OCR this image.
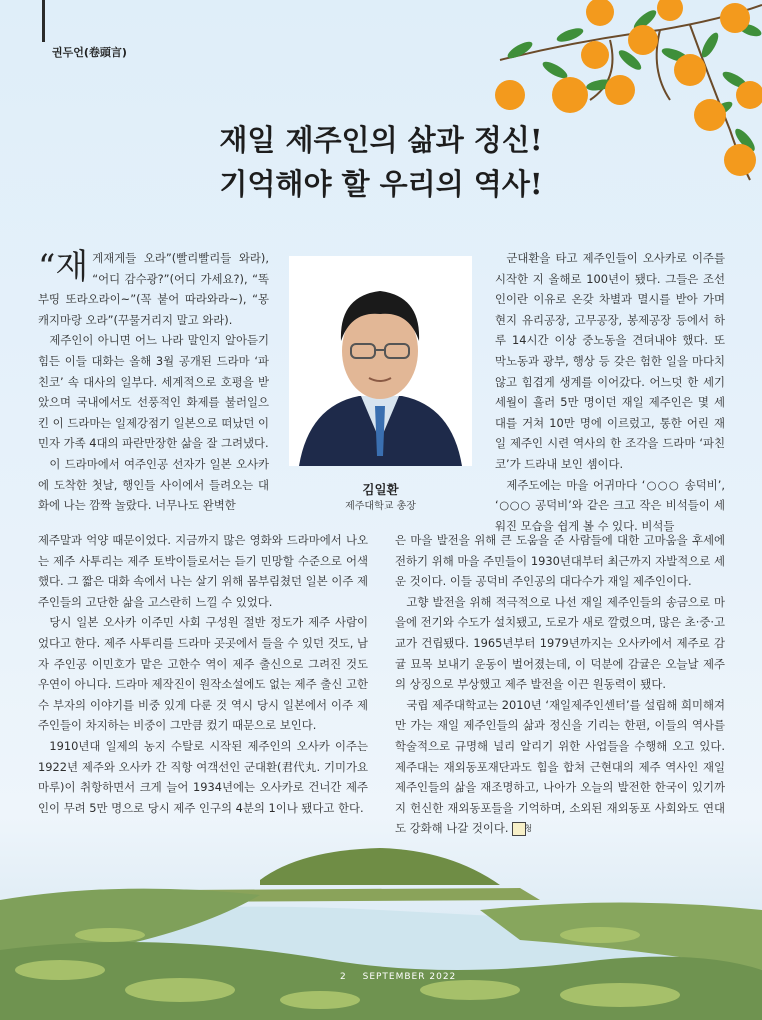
권두언(卷頭言)
재일 제주인의 삶과 정신!
기억해야 할 우리의 역사!
“재 게재게들 오라”(빨리빨리들 와라), “어디 감수광?”(어디 가세요?), “똑부띵 또라오라이~”(꼭 붙어 따라와라~), “몽캐지마랑 오라”(꾸물거리지 말고 와라).

제주인이 아니면 어느 나라 말인지 알아듣기 힘든 이들 대화는 올해 3월 공개된 드라마 ‘파친코’ 속 대사의 일부다. 세계적으로 호평을 받았으며 국내에서도 선풍적인 화제를 불러일으킨 이 드라마는 일제강점기 일본으로 떠났던 이민자 가족 4대의 파란만장한 삶을 잘 그려냈다.

이 드라마에서 여주인공 선자가 일본 오사카에 도착한 첫날, 행인들 사이에서 들려오는 대화에 나는 깜짝 놀랐다. 너무나도 완벽한

제주말과 억양 때문이었다. 지금까지 많은 영화와 드라마에서 나오는 제주 사투리는 제주 토박이들로서는 듣기 민망할 수준으로 어색했다. 그 짧은 대화 속에서 나는 살기 위해 몸부림쳤던 일본 이주 제주인들의 고단한 삶을 고스란히 느낄 수 있었다.

당시 일본 오사카 이주민 사회 구성원 절반 정도가 제주 사람이었다고 한다. 제주 사투리를 드라마 곳곳에서 들을 수 있던 것도, 남자 주인공 이민호가 맡은 고한수 역이 제주 출신으로 그려진 것도 우연이 아니다. 드라마 제작진이 원작소설에도 없는 제주 출신 고한수 부자의 이야기를 비중 있게 다룬 것 역시 당시 일본에서 이주 제주인들이 차지하는 비중이 그만큼 컸기 때문으로 보인다.

1910년대 일제의 농지 수탈로 시작된 제주인의 오사카 이주는 1922년 제주와 오사카 간 직항 여객선인 군대환(君代丸. 기미가요 마루)이 취항하면서 크게 늘어 1934년에는 오사카로 건너간 제주인이 무려 5만 명으로 당시 제주 인구의 4분의 1이나 됐다고 한다.

김일환
제주대학교 총장

군대환을 타고 제주인들이 오사카로 이주를 시작한 지 올해로 100년이 됐다. 그들은 조선인이란 이유로 온갖 차별과 멸시를 받아 가며 현지 유리공장, 고무공장, 봉제공장 등에서 하루 14시간 이상 중노동을 견뎌내야 했다. 또 막노동과 광부, 행상 등 갖은 험한 일을 마다치 않고 힘겹게 생계를 이어갔다. 어느덧 한 세기 세월이 흘러 5만 명이던 재일 제주인은 몇 세대를 거쳐 10만 명에 이르렀고, 통한 어린 재일 제주인 시련 역사의 한 조각을 드라마 ‘파친코’가 드라내 보인 셈이다.

제주도에는 마을 어귀마다 ‘○○○ 송덕비’, ‘○○○ 공덕비’와 같은 크고 작은 비석들이 세워진 모습을 쉽게 볼 수 있다. 비석들

은 마을 발전을 위해 큰 도움을 준 사람들에 대한 고마움을 후세에 전하기 위해 마을 주민들이 1930년대부터 최근까지 자발적으로 세운 것이다. 이들 공덕비 주인공의 대다수가 재일 제주인이다.

고향 발전을 위해 적극적으로 나선 재일 제주인들의 송금으로 마을에 전기와 수도가 설치됐고, 도로가 새로 깔렸으며, 많은 초·중·고교가 건립됐다. 1965년부터 1979년까지는 오사카에서 제주로 감귤 묘목 보내기 운동이 벌어졌는데, 이 덕분에 감귤은 오늘날 제주의 상징으로 부상했고 제주 발전을 이끈 원동력이 됐다.

국립 제주대학교는 2010년 ‘재일제주인센터’를 설립해 희미해져만 가는 재일 제주인들의 삶과 정신을 기리는 한편, 이들의 역사를 학술적으로 규명해 널리 알리기 위한 사업들을 수행해 오고 있다. 제주대는 재외동포재단과도 힘을 합쳐 근현대의 제주 역사인 재일 제주인들의 삶을 재조명하고, 나아가 오늘의 발전한 한국이 있기까지 헌신한 재외동포들을 기억하며, 소외된 재외동포 사회와도 연대도 강화해 나갈 것이다. 청

2 SEPTEMBER 2022
